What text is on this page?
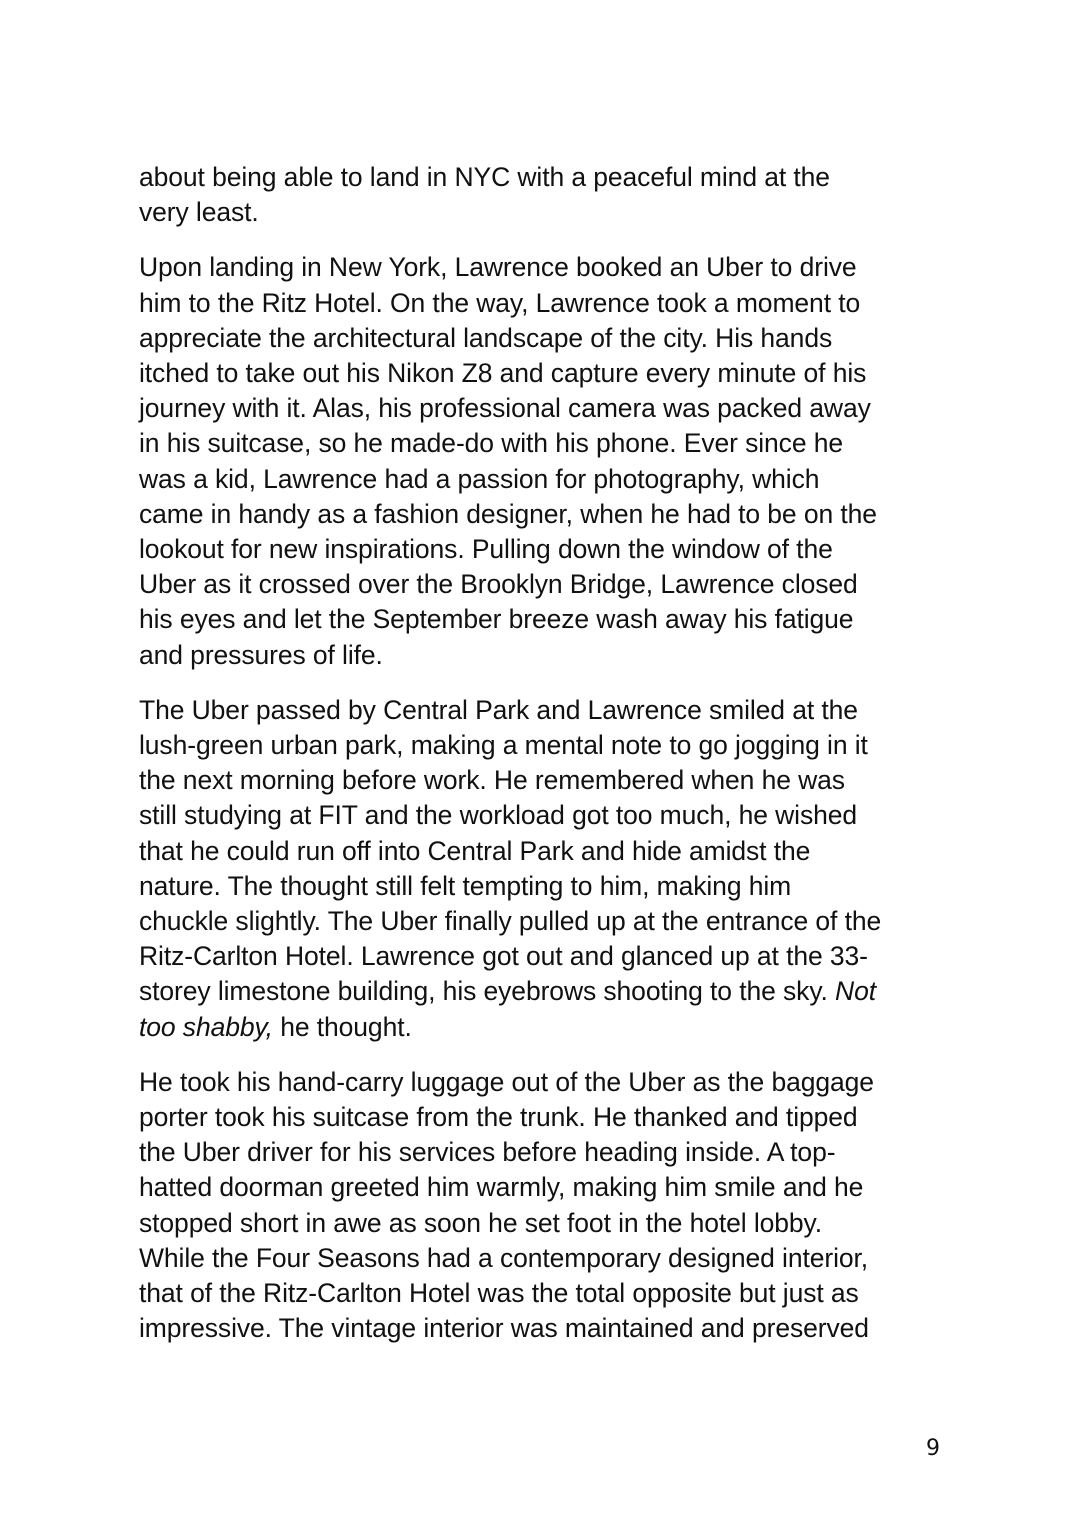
about being able to land in NYC with a peaceful mind at the
very least.

Upon landing in New York, Lawrence booked an Uber to drive
him to the Ritz Hotel. On the way, Lawrence took a moment to
appreciate the architectural landscape of the city. His hands
itched to take out his Nikon Z8 and capture every minute of his
journey with it. Alas, his professional camera was packed away
in his suitcase, so he made-do with his phone. Ever since he
was a kid, Lawrence had a passion for photography, which
came in handy as a fashion designer, when he had to be on the
lookout for new inspirations. Pulling down the window of the
Uber as it crossed over the Brooklyn Bridge, Lawrence closed
his eyes and let the September breeze wash away his fatigue
and pressures of life.

The Uber passed by Central Park and Lawrence smiled at the
lush-green urban park, making a mental note to go jogging in it
the next morning before work. He remembered when he was
still studying at FIT and the workload got too much, he wished
that he could run off into Central Park and hide amidst the
nature. The thought still felt tempting to him, making him
chuckle slightly. The Uber finally pulled up at the entrance of the
Ritz-Carlton Hotel. Lawrence got out and glanced up at the 33-
storey limestone building, his eyebrows shooting to the sky. Not
too shabby, he thought.

He took his hand-carry luggage out of the Uber as the baggage
porter took his suitcase from the trunk. He thanked and tipped
the Uber driver for his services before heading inside. A top-
hatted doorman greeted him warmly, making him smile and he
stopped short in awe as soon he set foot in the hotel lobby.
While the Four Seasons had a contemporary designed interior,
that of the Ritz-Carlton Hotel was the total opposite but just as
impressive. The vintage interior was maintained and preserved

9
